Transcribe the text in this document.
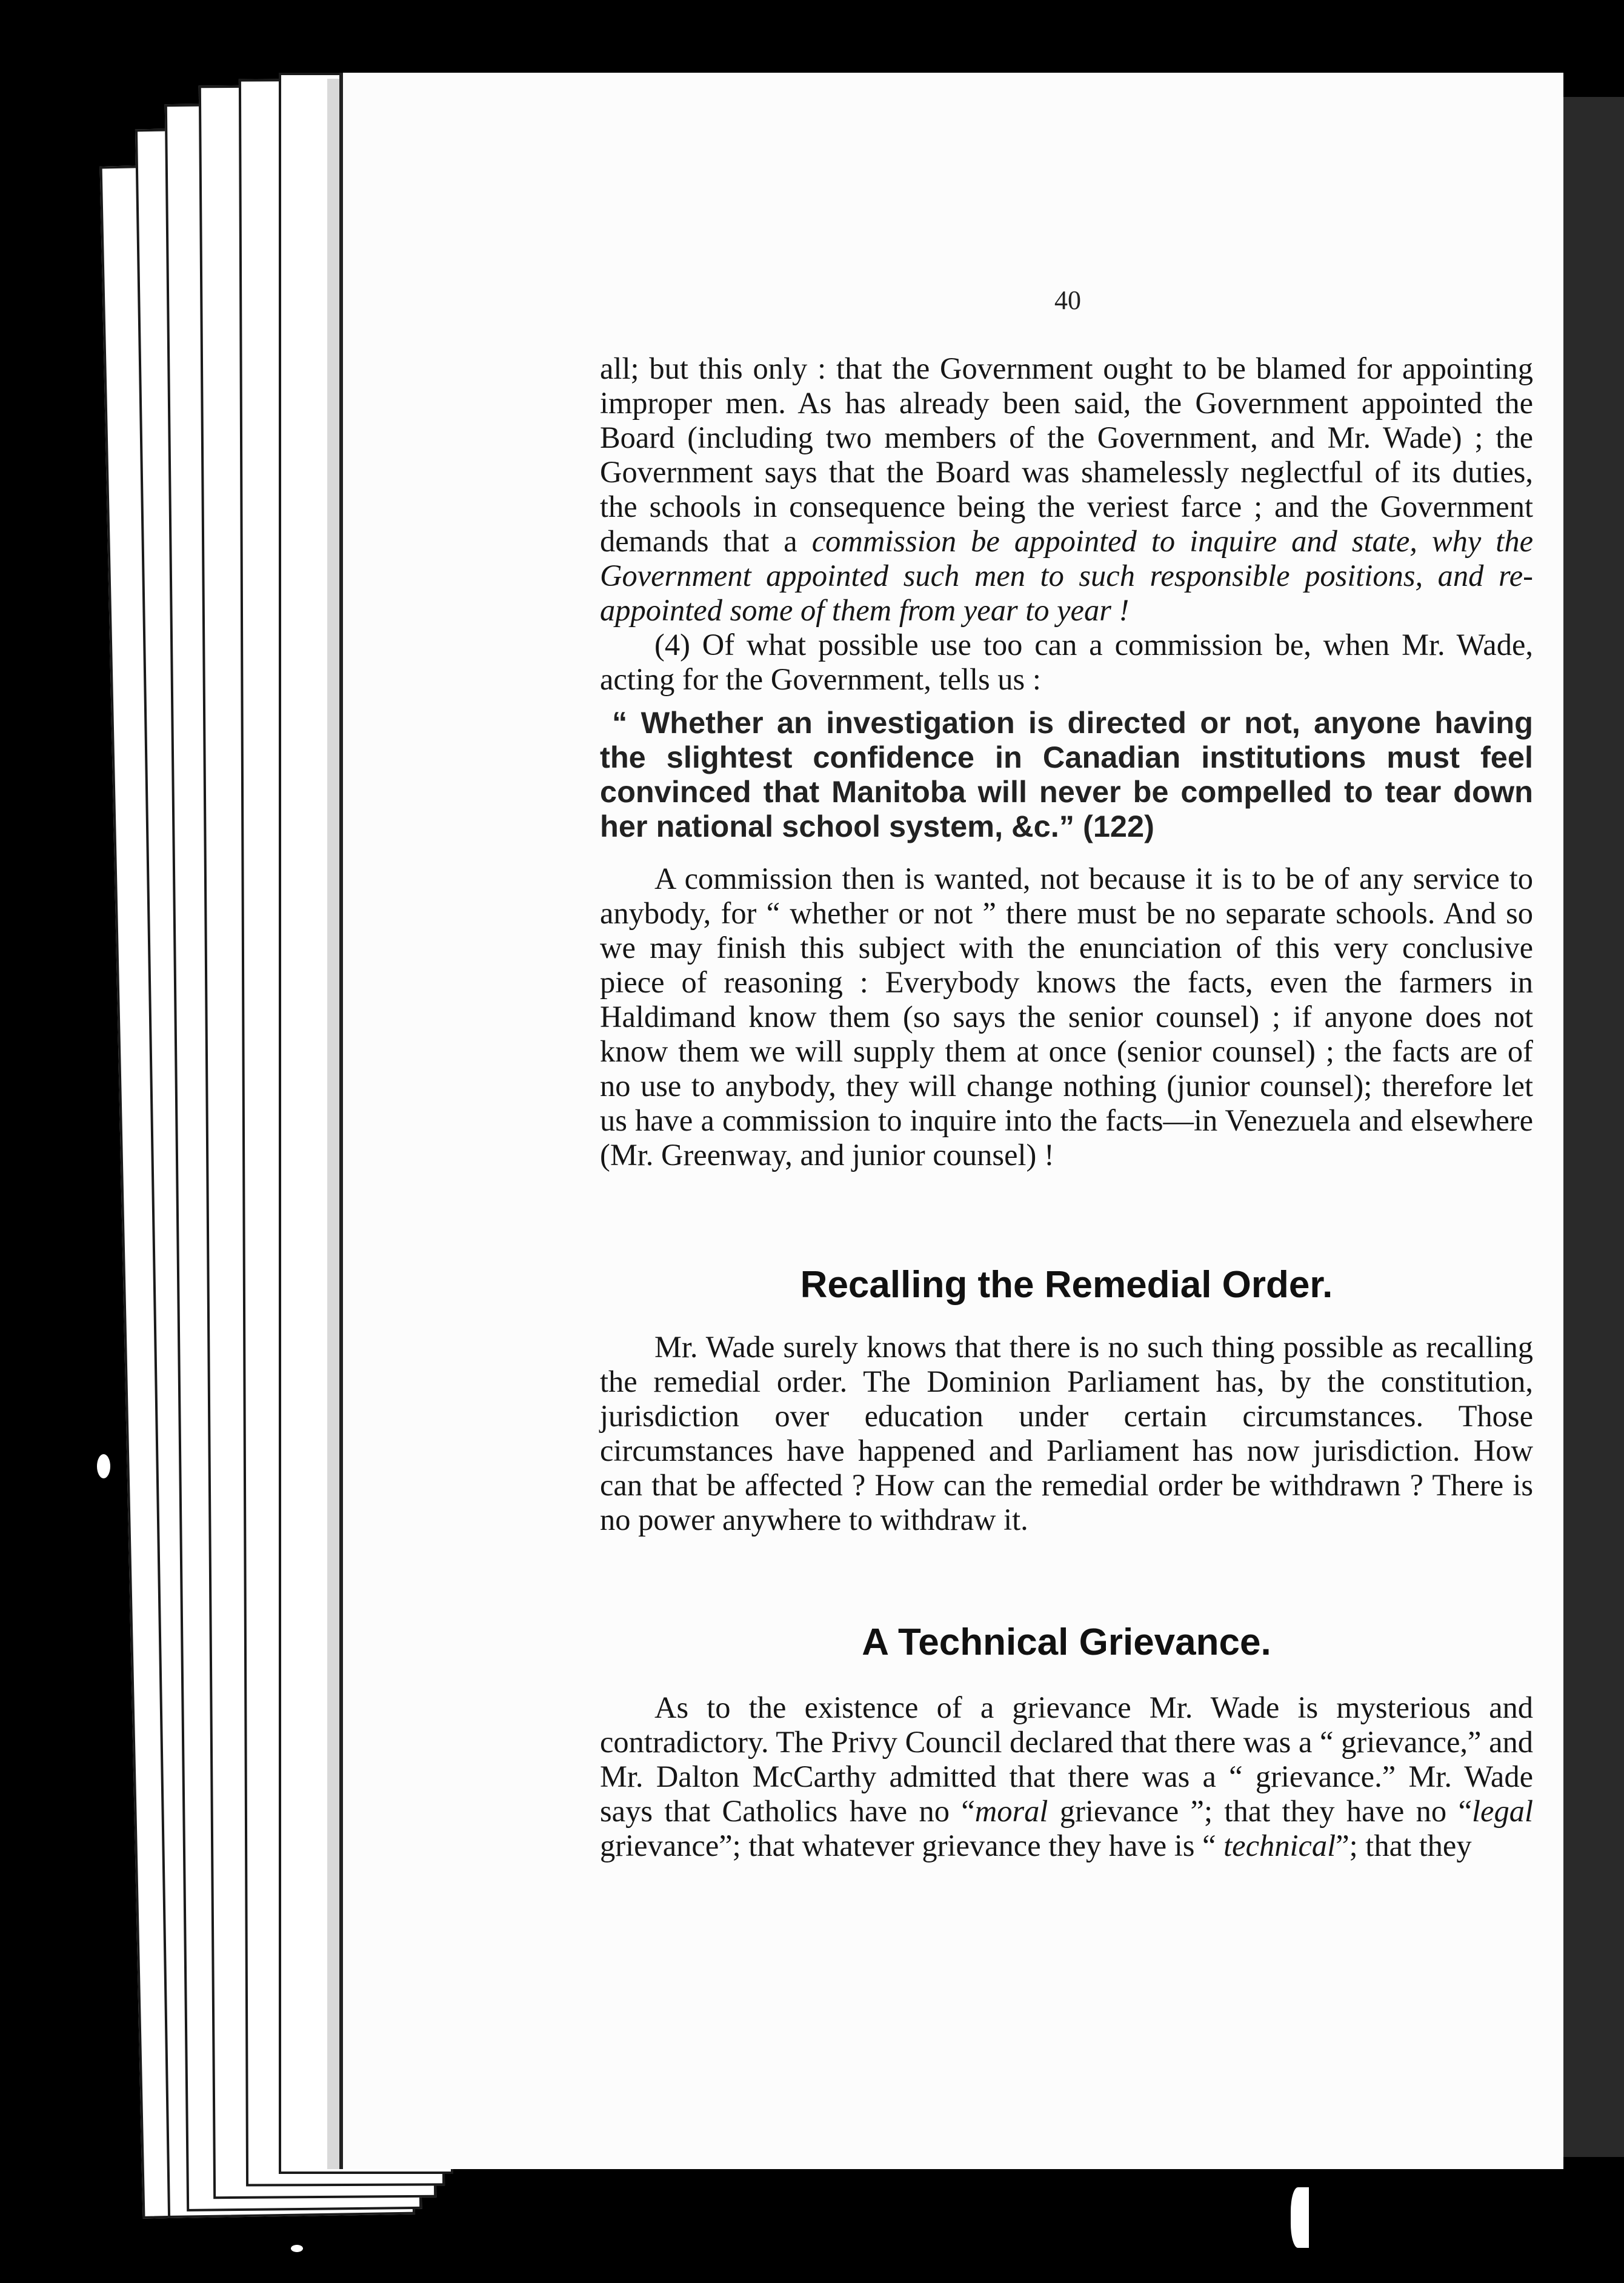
40

all; but this only : that the Government ought to be blamed for appointing improper men. As has already been said, the Government appointed the Board (including two members of the Government, and Mr. Wade) ; the Government says that the Board was shamelessly neglectful of its duties, the schools in consequence being the veriest farce ; and the Government demands that a commission be appointed to inquire and state, why the Government appointed such men to such responsible positions, and re-appointed some of them from year to year !

(4) Of what possible use too can a commission be, when Mr. Wade, acting for the Government, tells us :

“ Whether an investigation is directed or not, anyone having the slightest confidence in Canadian institutions must feel convinced that Manitoba will never be compelled to tear down her national school system, &c.” (122)

A commission then is wanted, not because it is to be of any service to anybody, for “ whether or not ” there must be no separate schools. And so we may finish this subject with the enunciation of this very conclusive piece of reasoning : Everybody knows the facts, even the farmers in Haldimand know them (so says the senior counsel) ; if anyone does not know them we will supply them at once (senior counsel) ; the facts are of no use to anybody, they will change nothing (junior counsel); therefore let us have a commission to inquire into the facts—in Venezuela and elsewhere (Mr. Greenway, and junior counsel) !

Recalling the Remedial Order.

Mr. Wade surely knows that there is no such thing possible as recalling the remedial order. The Dominion Parliament has, by the constitution, jurisdiction over education under certain circumstances. Those circumstances have happened and Parliament has now jurisdiction. How can that be affected ? How can the remedial order be withdrawn ? There is no power anywhere to withdraw it.

A Technical Grievance.

As to the existence of a grievance Mr. Wade is mysterious and contradictory. The Privy Council declared that there was a “ grievance,” and Mr. Dalton McCarthy admitted that there was a “ grievance.” Mr. Wade says that Catholics have no “moral grievance ”; that they have no “legal grievance”; that whatever grievance they have is “ technical”; that they
